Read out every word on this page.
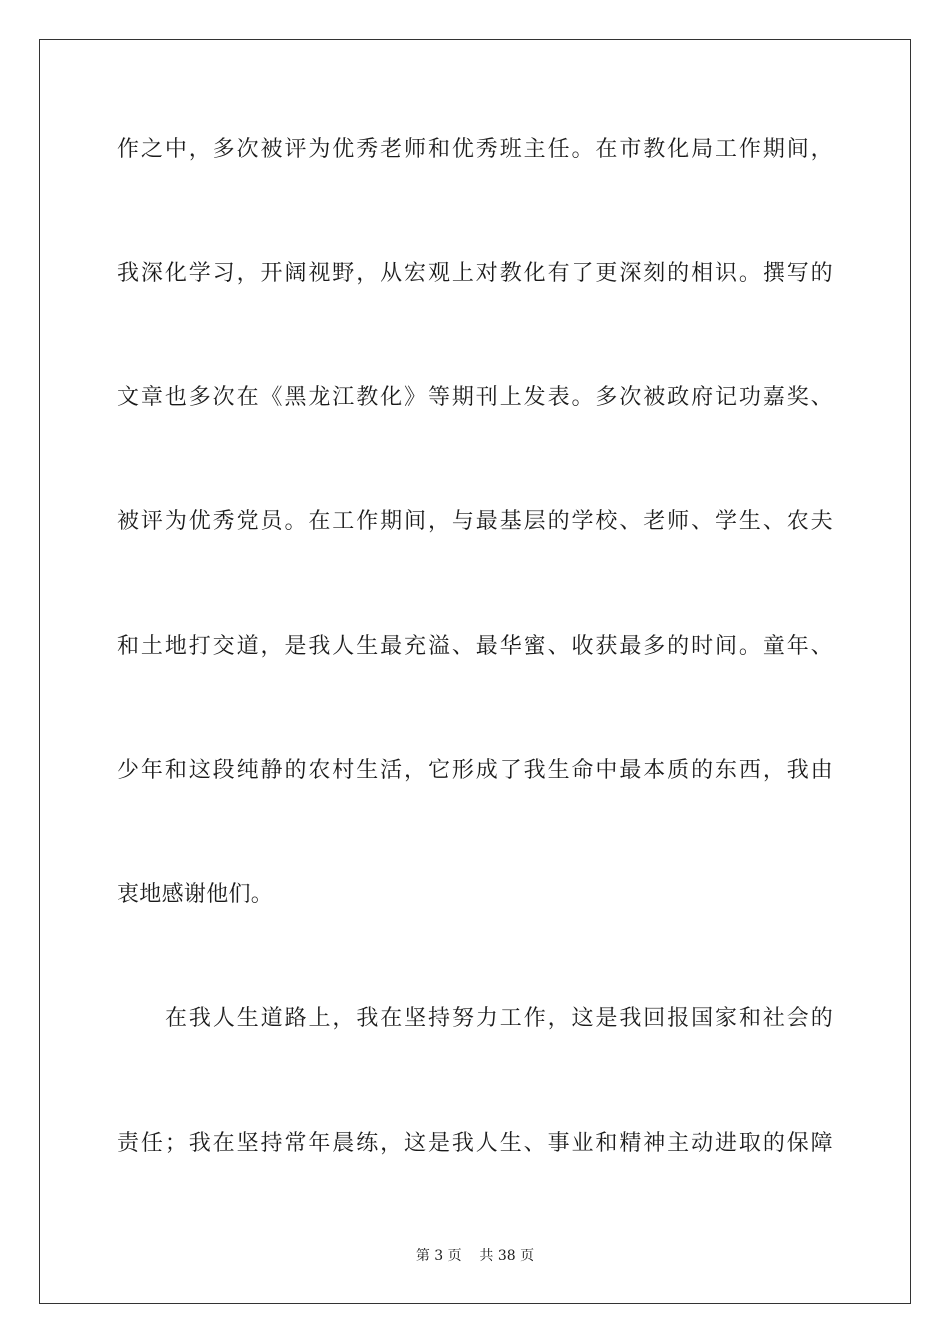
作之中，多次被评为优秀老师和优秀班主任。在市教化局工作期间，
我深化学习，开阔视野，从宏观上对教化有了更深刻的相识。撰写的
文章也多次在《黑龙江教化》等期刊上发表。多次被政府记功嘉奖、
被评为优秀党员。在工作期间，与最基层的学校、老师、学生、农夫
和土地打交道，是我人生最充溢、最华蜜、收获最多的时间。童年、
少年和这段纯静的农村生活，它形成了我生命中最本质的东西，我由
衷地感谢他们。
在我人生道路上，我在坚持努力工作，这是我回报国家和社会的
责任；我在坚持常年晨练，这是我人生、事业和精神主动进取的保障
第 3 页    共 38 页
